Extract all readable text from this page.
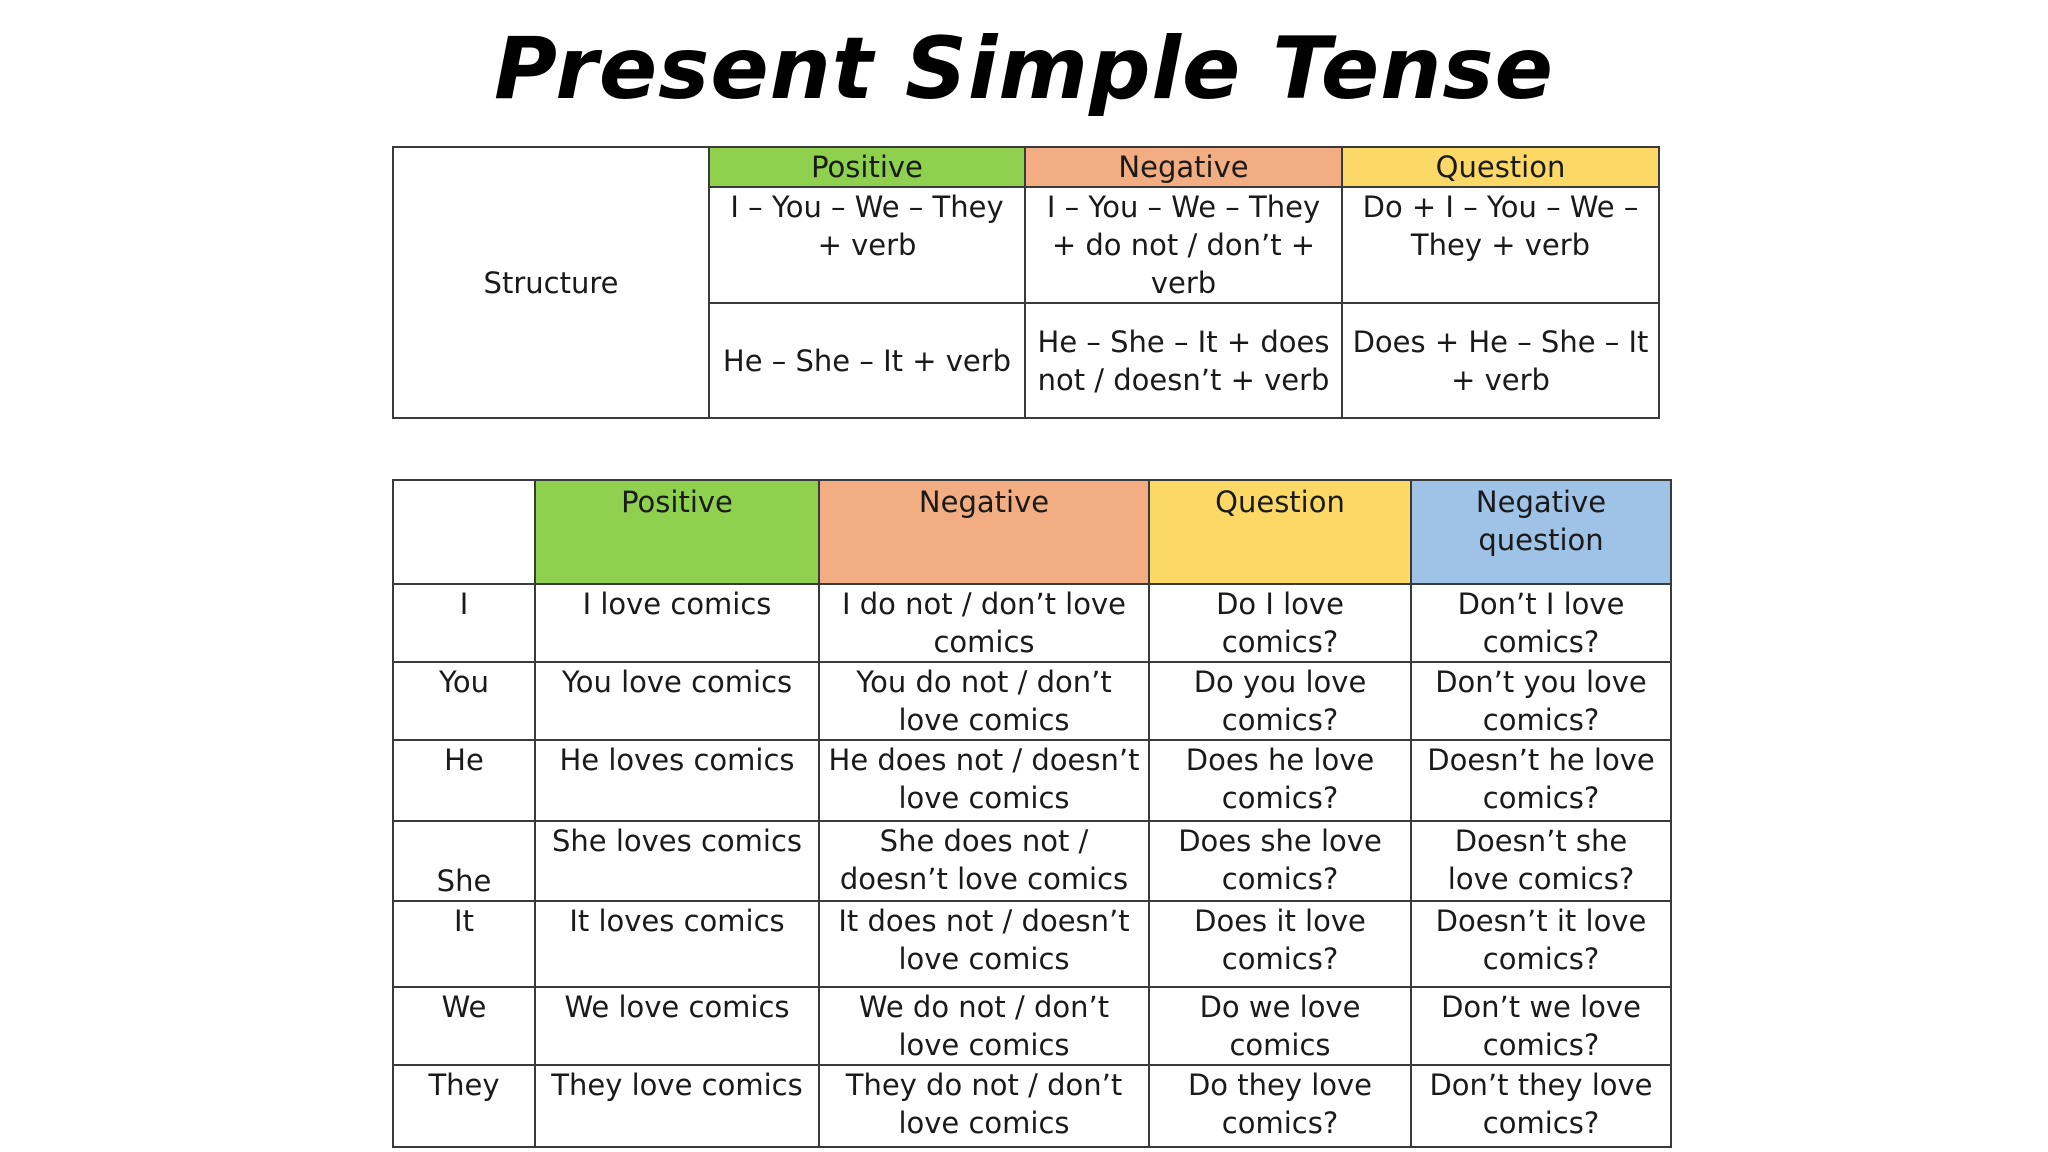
Present Simple Tense
Structure	Positive	Negative	Question
	I – You – We – They + verb	I – You – We – They + do not / don’t + verb	Do + I – You – We – They + verb
	He – She – It + verb	He – She – It + does not / doesn’t + verb	Does + He – She – It + verb
	Positive	Negative	Question	Negative question
I	I love comics	I do not / don’t love comics	Do I love comics?	Don’t I love comics?
You	You love comics	You do not / don’t love comics	Do you love comics?	Don’t you love comics?
He	He loves comics	He does not / doesn’t love comics	Does he love comics?	Doesn’t he love comics?
She	She loves comics	She does not / doesn’t love comics	Does she love comics?	Doesn’t she love comics?
It	It loves comics	It does not / doesn’t love comics	Does it love comics?	Doesn’t it love comics?
We	We love comics	We do not / don’t love comics	Do we love comics	Don’t we love comics?
They	They love comics	They do not / don’t love comics	Do they love comics?	Don’t they love comics?
